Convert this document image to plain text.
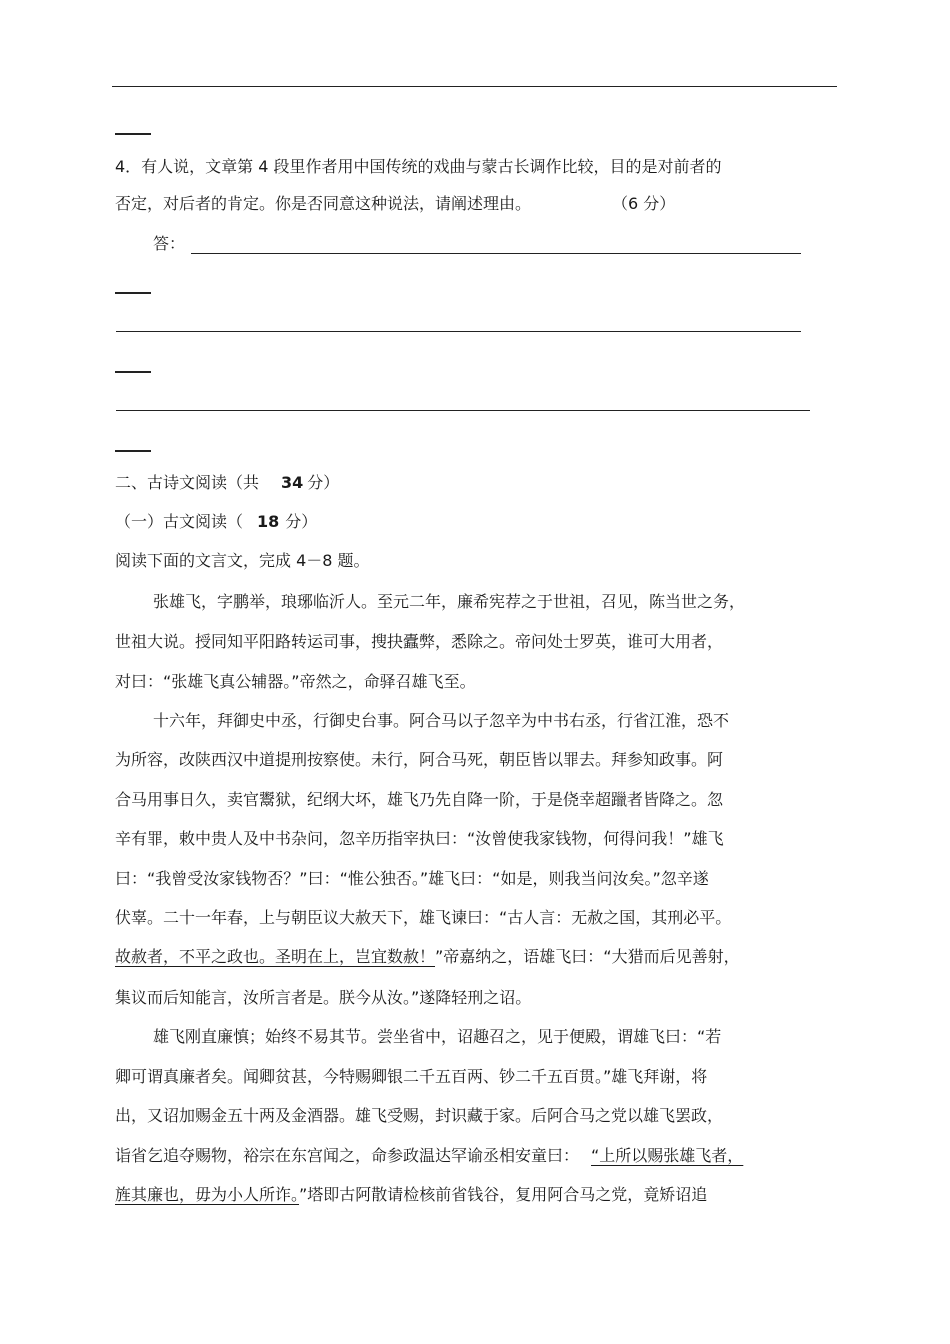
4．有人说，文章第 4 段里作者用中国传统的戏曲与蒙古长调作比较，目的是对前者的
否定，对后者的肯定。你是否同意这种说法，请阐述理由。	（6 分）
答：
二、古诗文阅读（共 34 分）
（一）古文阅读（ 18 分）
阅读下面的文言文，完成 4－8 题。
张雄飞，字鹏举，琅琊临沂人。至元二年，廉希宪荐之于世祖，召见，陈当世之务，
世祖大说。授同知平阳路转运司事，搜抉蠹弊，悉除之。帝问处士罗英，谁可大用者，
对曰：“张雄飞真公辅器。”帝然之，命驿召雄飞至。
十六年，拜御史中丞，行御史台事。阿合马以子忽辛为中书右丞，行省江淮，恐不
为所容，改陕西汉中道提刑按察使。未行，阿合马死，朝臣皆以罪去。拜参知政事。阿
合马用事日久，卖官鬻狱，纪纲大坏，雄飞乃先自降一阶，于是侥幸超躐者皆降之。忽
辛有罪，敕中贵人及中书杂问，忽辛历指宰执曰：“汝曾使我家钱物，何得问我！”雄飞
曰：“我曾受汝家钱物否？”曰：“惟公独否。”雄飞曰：“如是，则我当问汝矣。”忽辛遂
伏辜。二十一年春，上与朝臣议大赦天下，雄飞谏曰：“古人言：无赦之国，其刑必平。
故赦者，不平之政也。圣明在上，岂宜数赦！”帝嘉纳之，语雄飞曰：“大猎而后见善射，
集议而后知能言，汝所言者是。朕今从汝。”遂降轻刑之诏。
雄飞刚直廉慎；始终不易其节。尝坐省中，诏趣召之，见于便殿，谓雄飞曰：“若
卿可谓真廉者矣。闻卿贫甚，今特赐卿银二千五百两、钞二千五百贯。”雄飞拜谢，将
出，又诏加赐金五十两及金酒器。雄飞受赐，封识藏于家。后阿合马之党以雄飞罢政，
诣省乞追夺赐物，裕宗在东宫闻之，命参政温达罕谕丞相安童曰： “上所以赐张雄飞者，
旌其廉也，毋为小人所诈。”塔即古阿散请检核前省钱谷，复用阿合马之党，竟矫诏追
